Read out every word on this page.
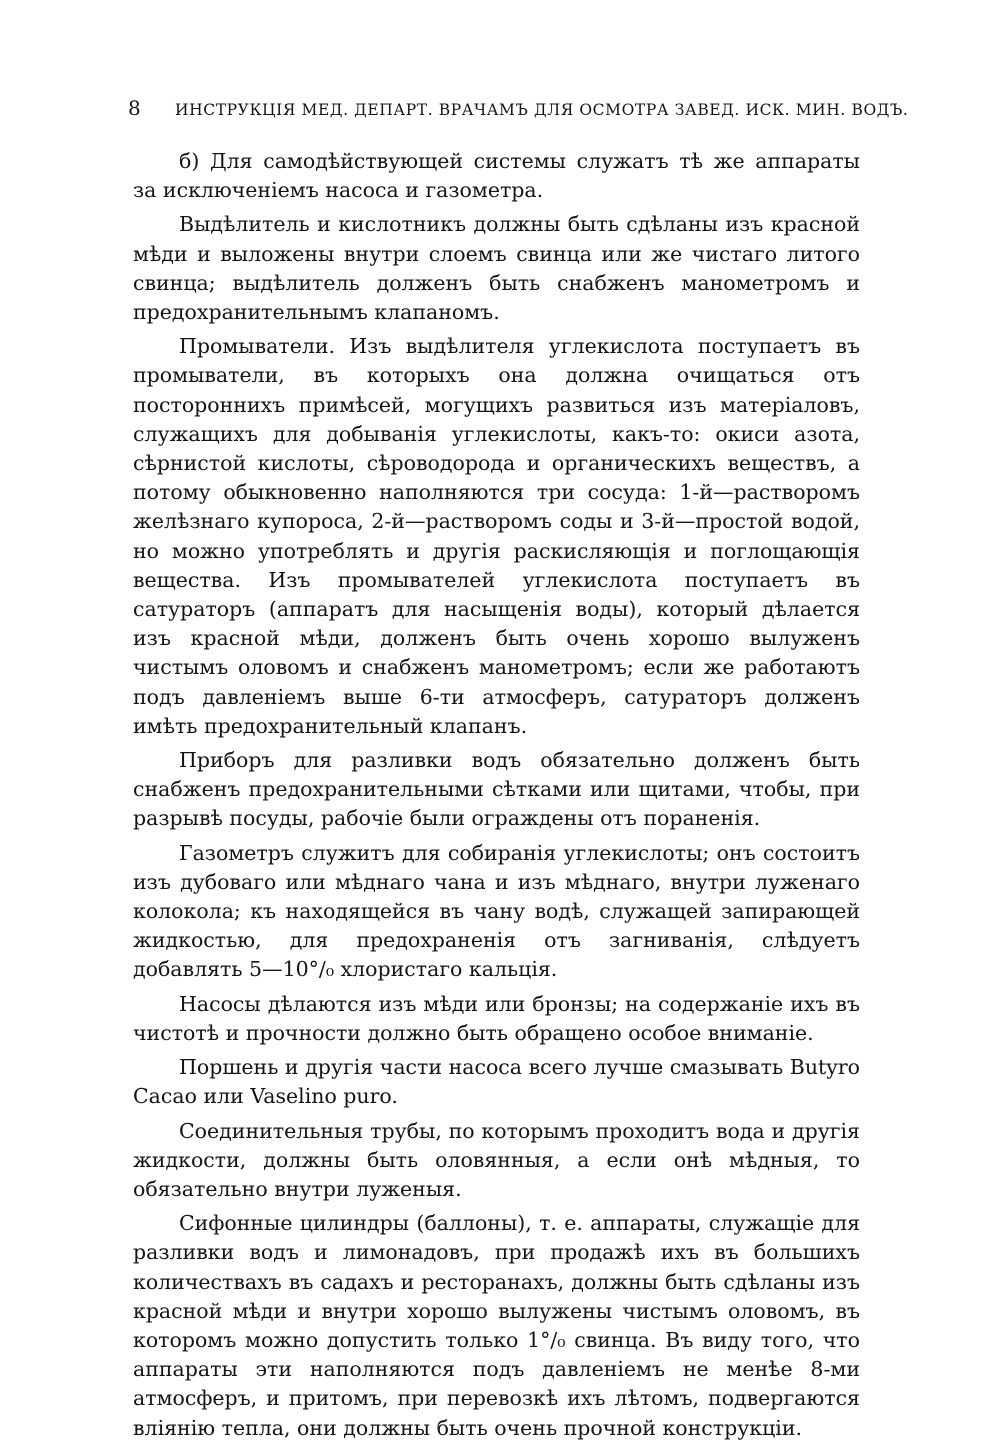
8 ИНСТРУКЦІЯ МЕД. ДЕПАРТ. ВРАЧАМЪ ДЛЯ ОСМОТРА ЗАВЕД. ИСК. МИН. ВОДЪ.

б) Для самодѣйствующей системы служатъ тѣ же аппараты за исключеніемъ насоса и газометра.

Выдѣлитель и кислотникъ должны быть сдѣланы изъ красной мѣди и выложены внутри слоемъ свинца или же чистаго литого свинца; выдѣлитель долженъ быть снабженъ манометромъ и предохранительнымъ клапаномъ.

Промыватели. Изъ выдѣлителя углекислота поступаетъ въ промыватели, въ которыхъ она должна очищаться отъ постороннихъ примѣсей, могущихъ развиться изъ матеріаловъ, служащихъ для добыванія углекислоты, какъ-то: окиси азота, сѣрнистой кислоты, сѣроводорода и органическихъ веществъ, а потому обыкновенно наполняются три сосуда: 1-й—растворомъ желѣзнаго купороса, 2-й—растворомъ соды и 3-й—простой водой, но можно употреблять и другія раскисляющія и поглощающія вещества. Изъ промывателей углекислота поступаетъ въ сатураторъ (аппаратъ для насыщенія воды), который дѣлается изъ красной мѣди, долженъ быть очень хорошо вылуженъ чистымъ оловомъ и снабженъ манометромъ; если же работаютъ подъ давленіемъ выше 6-ти атмосферъ, сатураторъ долженъ имѣть предохранительный клапанъ.

Приборъ для разливки водъ обязательно долженъ быть снабженъ предохранительными сѣтками или щитами, чтобы, при разрывѣ посуды, рабочіе были ограждены отъ пораненія.

Газометръ служитъ для собиранія углекислоты; онъ состоитъ изъ дубоваго или мѣднаго чана и изъ мѣднаго, внутри луженаго колокола; къ находящейся въ чану водѣ, служащей запирающей жидкостью, для предохраненія отъ загниванія, слѣдуетъ добавлять 5—10°/₀ хлористаго кальція.

Насосы дѣлаются изъ мѣди или бронзы; на содержаніе ихъ въ чистотѣ и прочности должно быть обращено особое вниманіе.

Поршень и другія части насоса всего лучше смазывать Butyro Cacao или Vaselino puro.

Соединительныя трубы, по которымъ проходитъ вода и другія жидкости, должны быть оловянныя, а если онѣ мѣдныя, то обязательно внутри луженыя.

Сифонные цилиндры (баллоны), т. е. аппараты, служащіе для разливки водъ и лимонадовъ, при продажѣ ихъ въ большихъ количествахъ въ садахъ и ресторанахъ, должны быть сдѣланы изъ красной мѣди и внутри хорошо вылужены чистымъ оловомъ, въ которомъ можно допустить только 1°/₀ свинца. Въ виду того, что аппараты эти наполняются подъ давленіемъ не менѣе 8-ми атмосферъ, и притомъ, при перевозкѣ ихъ лѣтомъ, подвергаются вліянію тепла, они должны быть очень прочной конструкціи.
